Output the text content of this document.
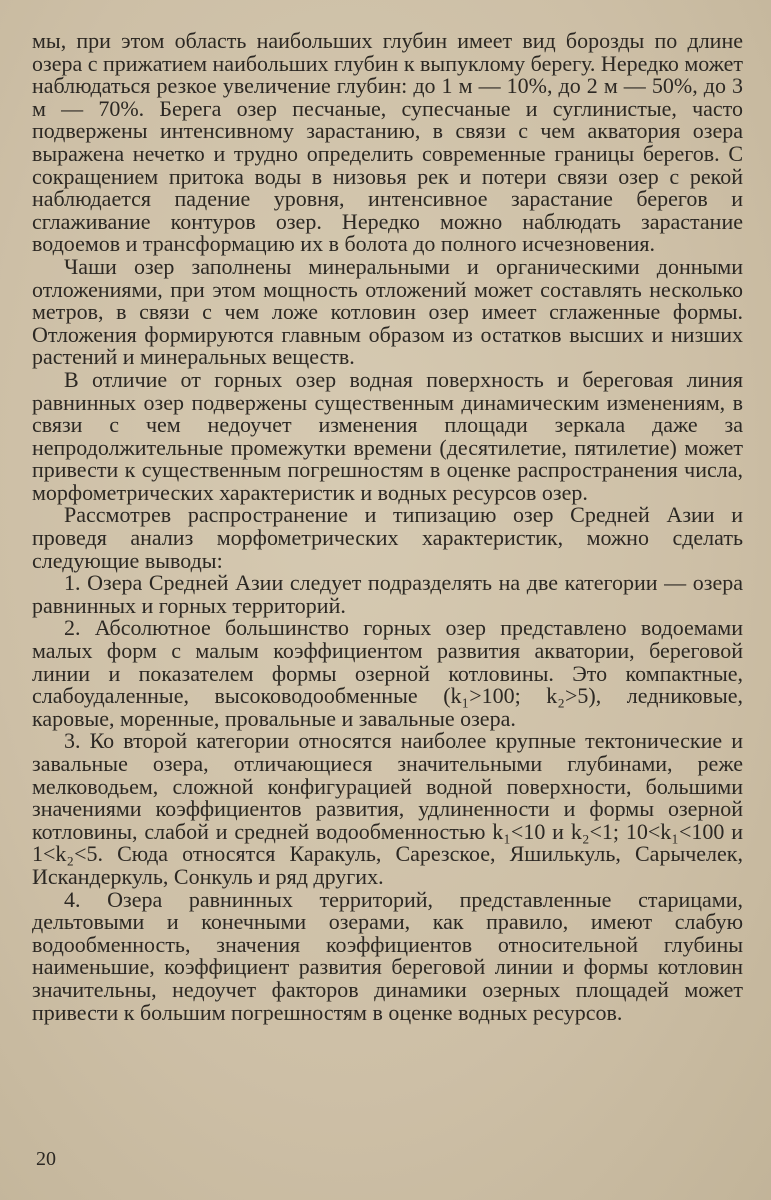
мы, при этом область наибольших глубин имеет вид борозды по длине озера с прижатием наибольших глубин к выпуклому берегу. Нередко может наблюдаться резкое увеличение глубин: до 1 м — 10%, до 2 м — 50%, до 3 м — 70%. Берега озер песчаные, супесчаные и суглинистые, часто подвержены интенсивному зарастанию, в связи с чем акватория озера выражена нечетко и трудно определить современные границы берегов. С сокращением притока воды в низовья рек и потери связи озер с рекой наблюдается падение уровня, интенсивное зарастание берегов и сглаживание контуров озер. Нередко можно наблюдать зарастание водоемов и трансформацию их в болота до полного исчезновения.

Чаши озер заполнены минеральными и органическими донными отложениями, при этом мощность отложений может составлять несколько метров, в связи с чем ложе котловин озер имеет сглаженные формы. Отложения формируются главным образом из остатков высших и низших растений и минеральных веществ.

В отличие от горных озер водная поверхность и береговая линия равнинных озер подвержены существенным динамическим изменениям, в связи с чем недоучет изменения площади зеркала даже за непродолжительные промежутки времени (десятилетие, пятилетие) может привести к существенным погрешностям в оценке распространения числа, морфометрических характеристик и водных ресурсов озер.

Рассмотрев распространение и типизацию озер Средней Азии и проведя анализ морфометрических характеристик, можно сделать следующие выводы:

1. Озера Средней Азии следует подразделять на две категории — озера равнинных и горных территорий.

2. Абсолютное большинство горных озер представлено водоемами малых форм с малым коэффициентом развития акватории, береговой линии и показателем формы озерной котловины. Это компактные, слабоудаленные, высоководообменные (k₁>100; k₂>5), ледниковые, каровые, моренные, провальные и завальные озера.

3. Ко второй категории относятся наиболее крупные тектонические и завальные озера, отличающиеся значительными глубинами, реже мелководьем, сложной конфигурацией водной поверхности, большими значениями коэффициентов развития, удлиненности и формы озерной котловины, слабой и средней водообменностью k₁<10 и k₂<1; 10<k₁<100 и 1<k₂<5. Сюда относятся Каракуль, Сарезское, Яшилькуль, Сарычелек, Искандеркуль, Сонкуль и ряд других.

4. Озера равнинных территорий, представленные старицами, дельтовыми и конечными озерами, как правило, имеют слабую водообменность, значения коэффициентов относительной глубины наименьшие, коэффициент развития береговой линии и формы котловин значительны, недоучет факторов динамики озерных площадей может привести к большим погрешностям в оценке водных ресурсов.

20
